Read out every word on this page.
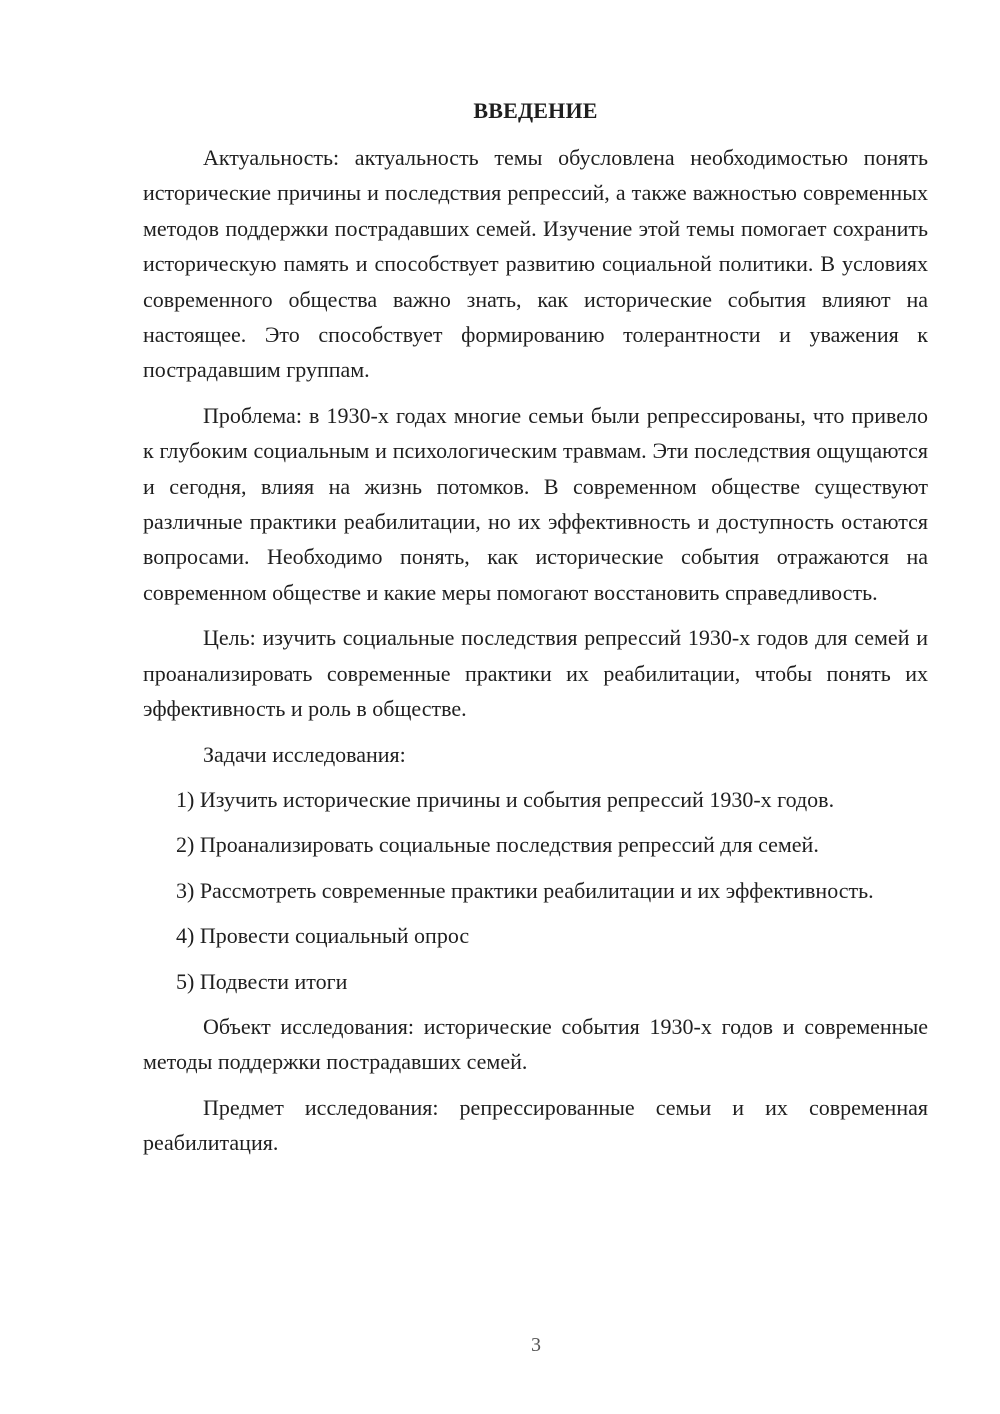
ВВЕДЕНИЕ

Актуальность: актуальность темы обусловлена необходимостью понять исторические причины и последствия репрессий, а также важностью современных методов поддержки пострадавших семей. Изучение этой темы помогает сохранить историческую память и способствует развитию социальной политики. В условиях современного общества важно знать, как исторические события влияют на настоящее. Это способствует формированию толерантности и уважения к пострадавшим группам.

Проблема: в 1930-х годах многие семьи были репрессированы, что привело к глубоким социальным и психологическим травмам. Эти последствия ощущаются и сегодня, влияя на жизнь потомков. В современном обществе существуют различные практики реабилитации, но их эффективность и доступность остаются вопросами. Необходимо понять, как исторические события отражаются на современном обществе и какие меры помогают восстановить справедливость.

Цель: изучить социальные последствия репрессий 1930-х годов для семей и проанализировать современные практики их реабилитации, чтобы понять их эффективность и роль в обществе.

Задачи исследования:

1) Изучить исторические причины и события репрессий 1930-х годов.

2) Проанализировать социальные последствия репрессий для семей.

3) Рассмотреть современные практики реабилитации и их эффективность.

4) Провести социальный опрос

5) Подвести итоги

Объект исследования: исторические события 1930-х годов и современные методы поддержки пострадавших семей.

Предмет исследования: репрессированные семьи и их современная реабилитация.

3
